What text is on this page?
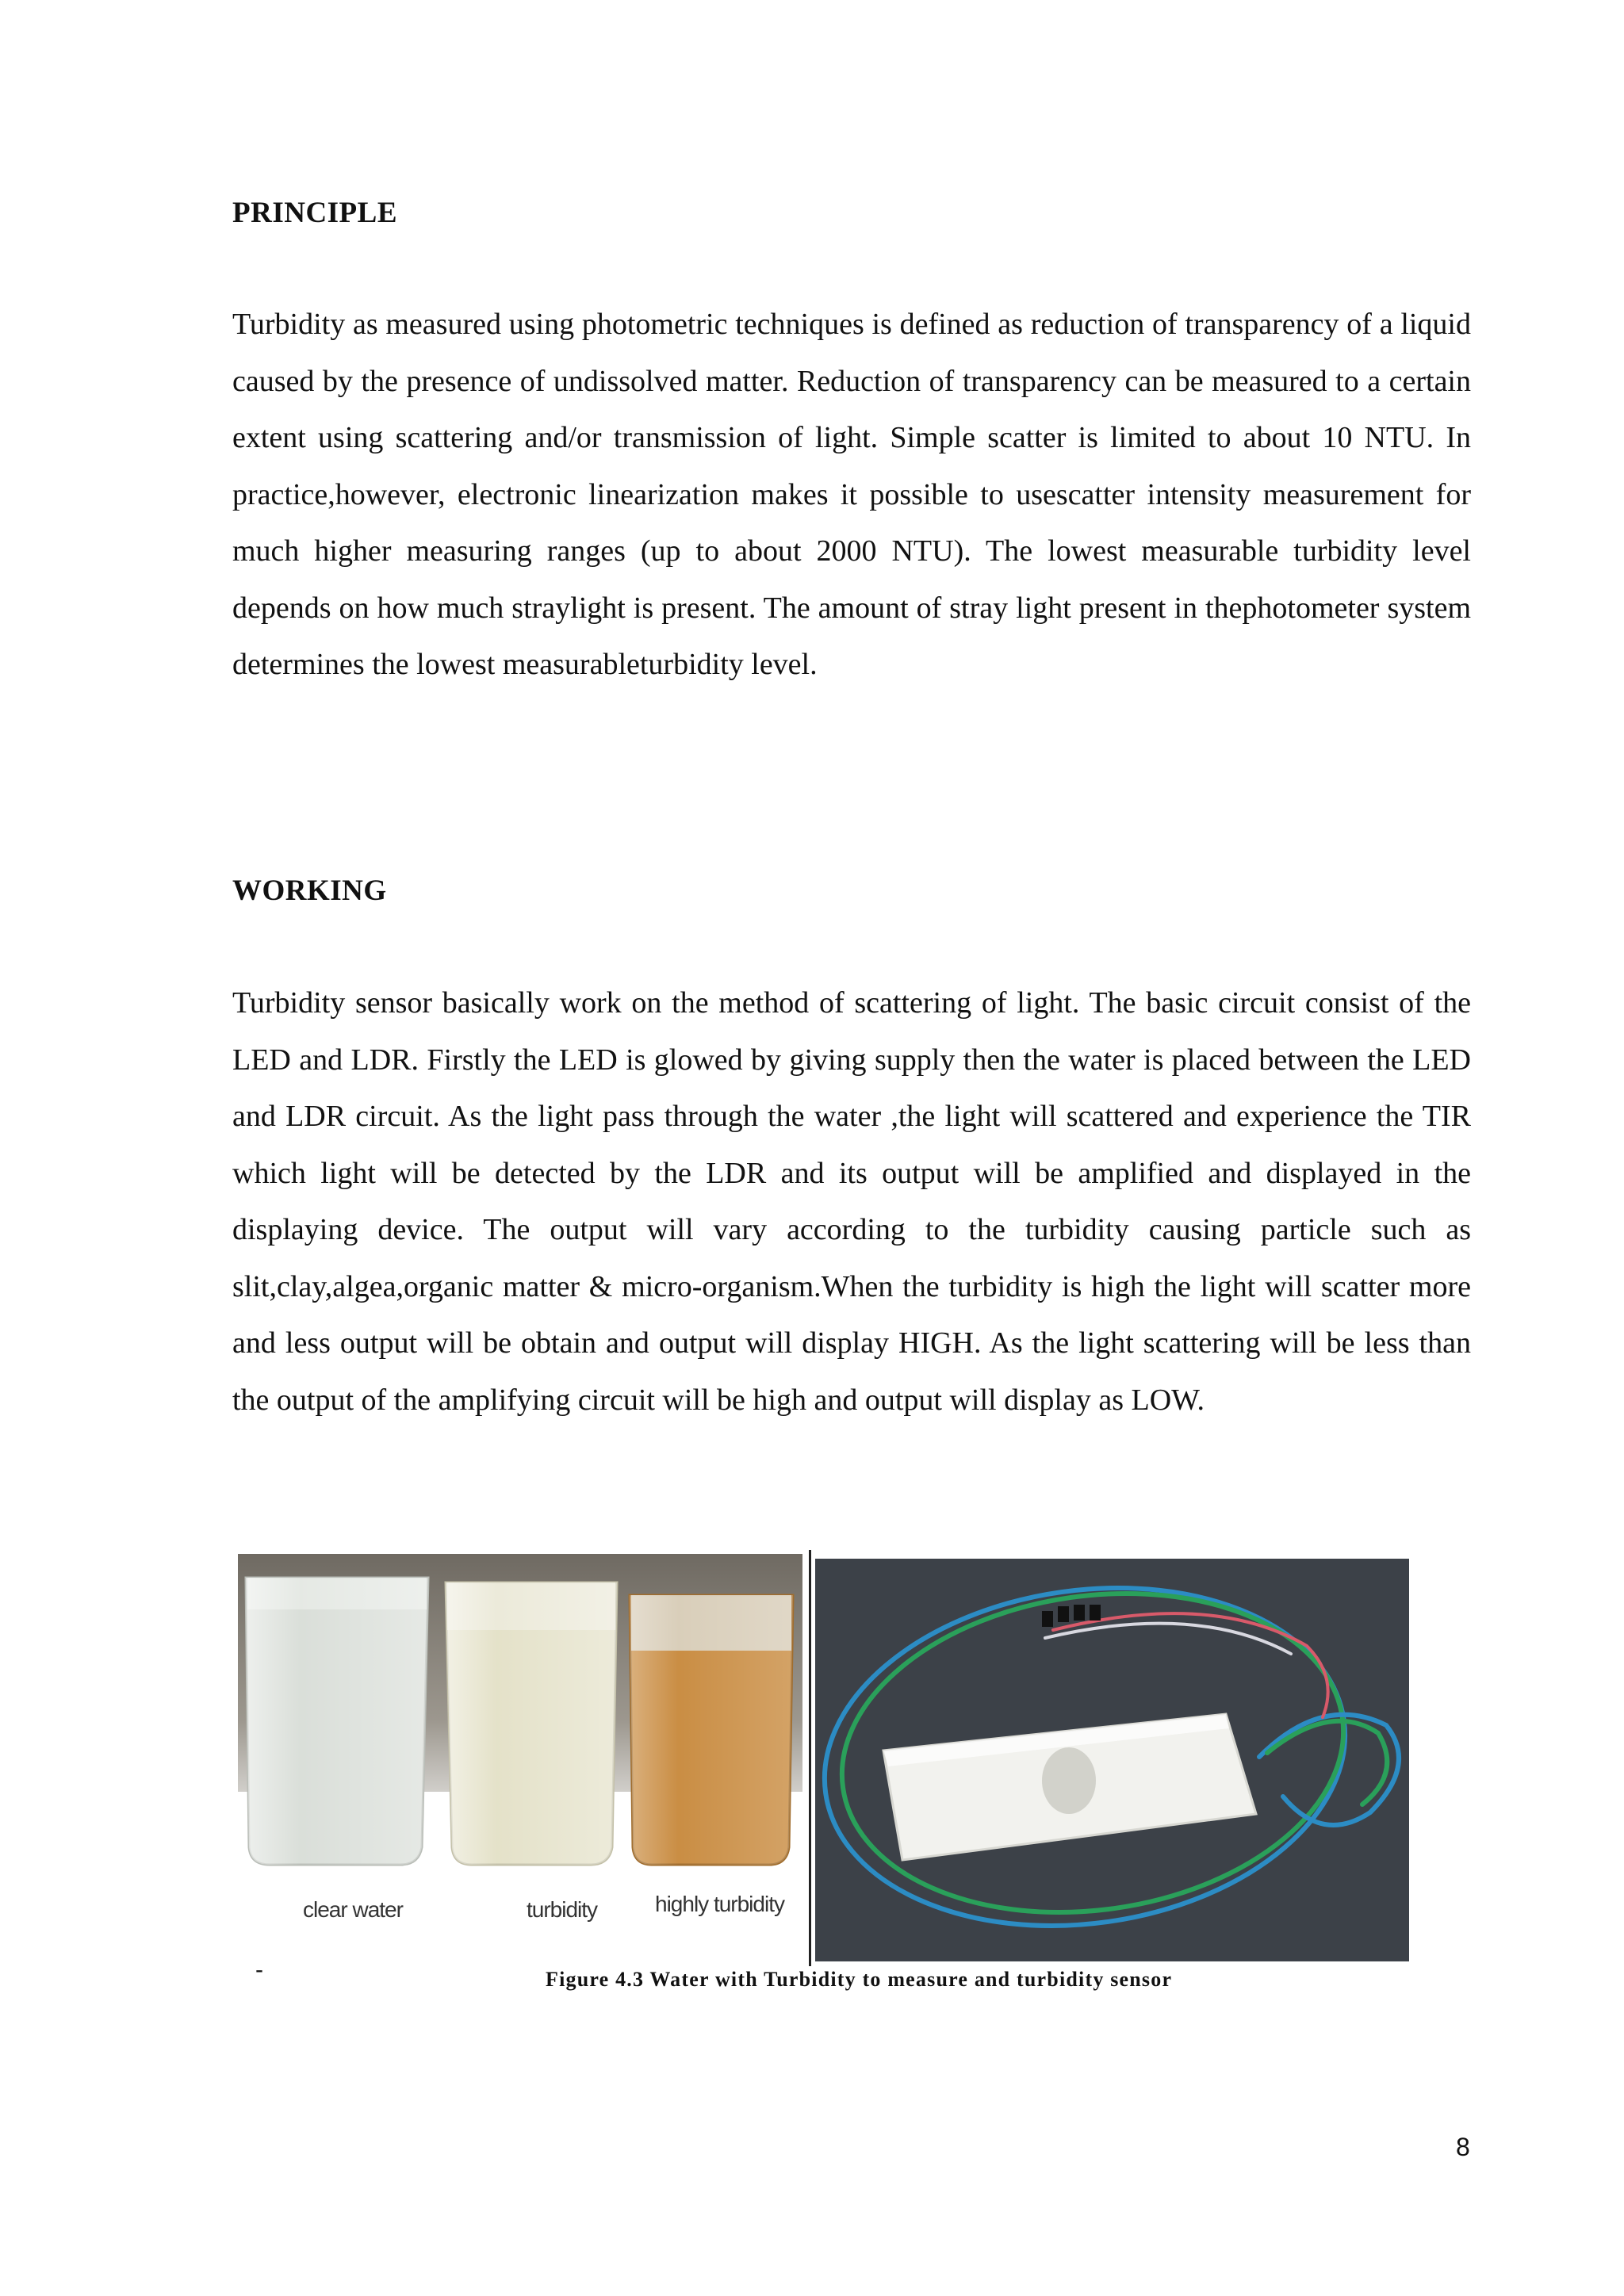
PRINCIPLE

Turbidity as measured using photometric techniques is defined as reduction of transparency of a liquid caused by the presence of undissolved matter. Reduction of transparency can be measured to a certain extent using scattering and/or transmission of light. Simple scatter is limited to about 10 NTU. In practice,however, electronic linearization makes it possible to usescatter intensity measurement for much higher measuring ranges (up to about 2000 NTU). The lowest measurable turbidity level depends on how much straylight is present. The amount of stray light present in thephotometer system determines the lowest measurableturbidity level.

WORKING

Turbidity sensor basically work on the method of scattering of light. The basic circuit consist of the LED and LDR. Firstly the LED is glowed by giving supply then the water is placed between the LED and LDR circuit. As the light pass through the water ,the light will scattered and experience the TIR which light will be detected by the LDR and its output will be amplified and displayed in the displaying device. The output will vary according to the turbidity causing particle such as slit,clay,algea,organic matter & micro-organism.When the turbidity is high the light will scatter more and less output will be obtain and output will display HIGH. As the light scattering will be less than the output of the amplifying circuit will be high and output will display as LOW.

clear water	turbidity	highly turbidity
-	Figure 4.3 Water with Turbidity to measure and turbidity sensor
8
